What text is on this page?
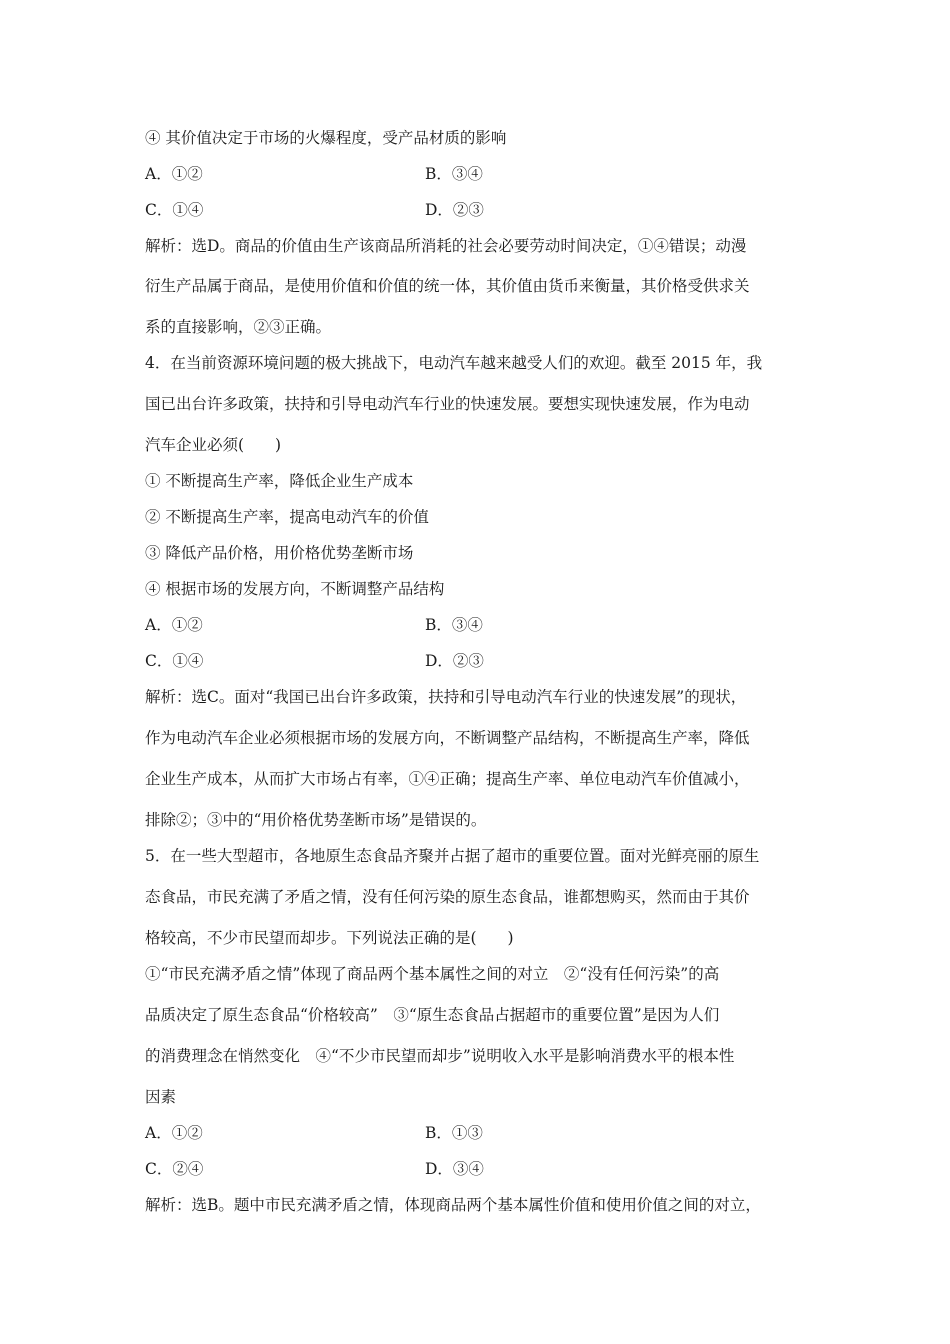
④ 其价值决定于市场的火爆程度，受产品材质的影响
A．①②	B．③④
C．①④	D．②③
解析：选D。商品的价值由生产该商品所消耗的社会必要劳动时间决定，①④错误；动漫
衍生产品属于商品，是使用价值和价值的统一体，其价值由货币来衡量，其价格受供求关
系的直接影响，②③正确。
4．在当前资源环境问题的极大挑战下，电动汽车越来越受人们的欢迎。截至 2015 年，我
国已出台许多政策，扶持和引导电动汽车行业的快速发展。要想实现快速发展，作为电动
汽车企业必须(　　)
① 不断提高生产率，降低企业生产成本
② 不断提高生产率，提高电动汽车的价值
③ 降低产品价格，用价格优势垄断市场
④ 根据市场的发展方向，不断调整产品结构
A．①②	B．③④
C．①④	D．②③
解析：选C。面对“我国已出台许多政策，扶持和引导电动汽车行业的快速发展”的现状，
作为电动汽车企业必须根据市场的发展方向，不断调整产品结构，不断提高生产率，降低
企业生产成本，从而扩大市场占有率，①④正确；提高生产率、单位电动汽车价值减小，
排除②；③中的“用价格优势垄断市场”是错误的。
5．在一些大型超市，各地原生态食品齐聚并占据了超市的重要位置。面对光鲜亮丽的原生
态食品，市民充满了矛盾之情，没有任何污染的原生态食品，谁都想购买，然而由于其价
格较高，不少市民望而却步。下列说法正确的是(　　)
①“市民充满矛盾之情”体现了商品两个基本属性之间的对立　②“没有任何污染”的高
品质决定了原生态食品“价格较高”　③“原生态食品占据超市的重要位置”是因为人们
的消费理念在悄然变化　④“不少市民望而却步”说明收入水平是影响消费水平的根本性
因素
A．①②	B．①③
C．②④	D．③④
解析：选B。题中市民充满矛盾之情，体现商品两个基本属性价值和使用价值之间的对立，
